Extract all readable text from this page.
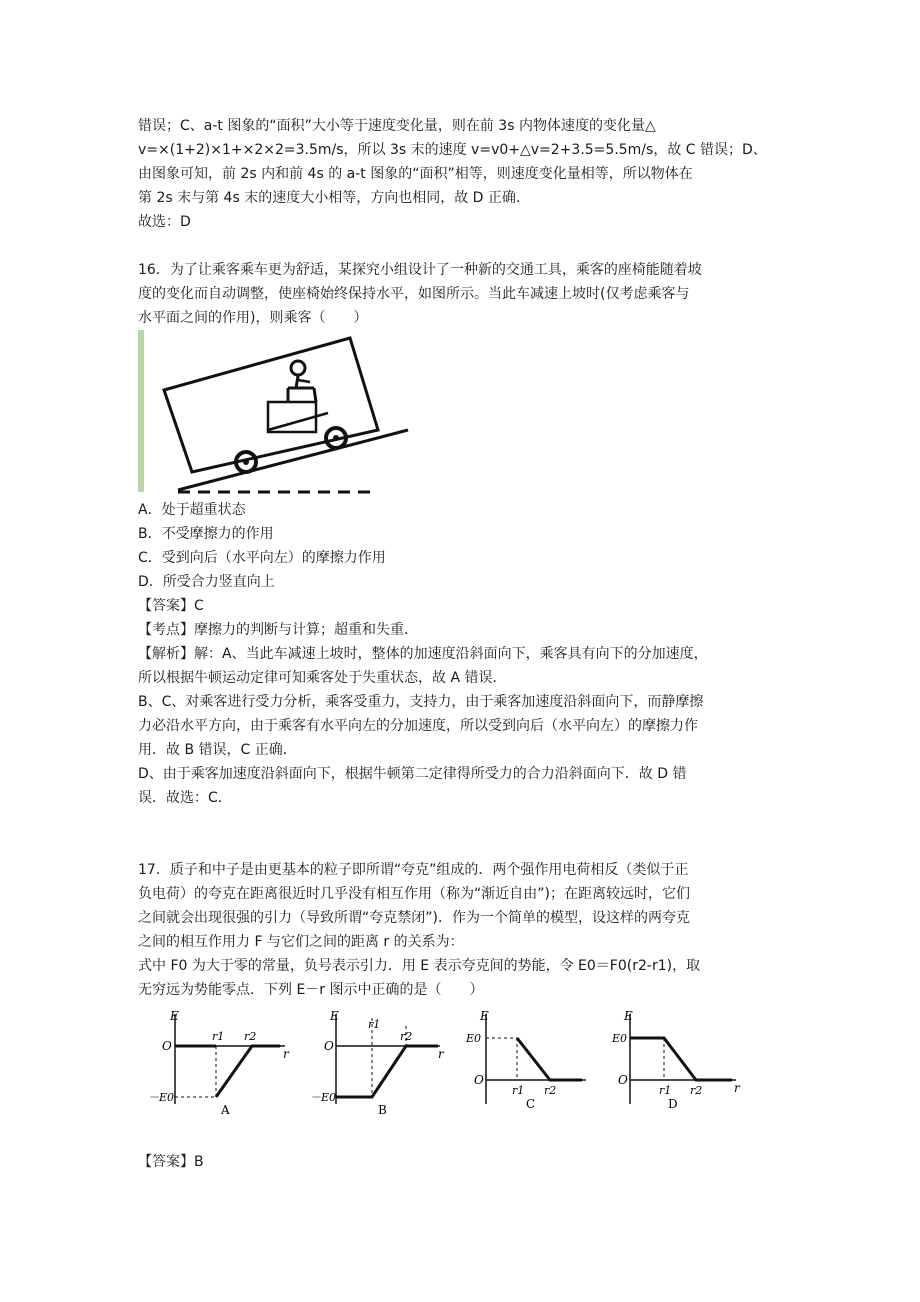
错误；C、a-t 图象的“面积”大小等于速度变化量，则在前 3s 内物体速度的变化量△

v=×(1+2)×1+×2×2=3.5m/s，所以 3s 末的速度 v=v0+△v=2+3.5=5.5m/s，故 C 错误；D、

由图象可知，前 2s 内和前 4s 的 a-t 图象的“面积”相等，则速度变化量相等，所以物体在

第 2s 末与第 4s 末的速度大小相等，方向也相同，故 D 正确.

故选：D

16．为了让乘客乘车更为舒适，某探究小组设计了一种新的交通工具，乘客的座椅能随着坡

度的变化而自动调整，使座椅始终保持水平，如图所示。当此车减速上坡时(仅考虑乘客与

水平面之间的作用)，则乘客（　　）

A．处于超重状态

B．不受摩擦力的作用

C．受到向后（水平向左）的摩擦力作用

D．所受合力竖直向上

【答案】C

【考点】摩擦力的判断与计算；超重和失重．

【解析】解：A、当此车减速上坡时，整体的加速度沿斜面向下，乘客具有向下的分加速度，

所以根据牛顿运动定律可知乘客处于失重状态，故 A 错误．

B、C、对乘客进行受力分析，乘客受重力，支持力，由于乘客加速度沿斜面向下，而静摩擦

力必沿水平方向，由于乘客有水平向左的分加速度，所以受到向后（水平向左）的摩擦力作

用．故 B 错误，C 正确．

D、由于乘客加速度沿斜面向下，根据牛顿第二定律得所受力的合力沿斜面向下．故 D 错

误．故选：C．

17．质子和中子是由更基本的粒子即所谓“夸克”组成的．两个强作用电荷相反（类似于正

负电荷）的夸克在距离很近时几乎没有相互作用（称为“渐近自由”)；在距离较远时，它们

之间就会出现很强的引力（导致所谓“夸克禁闭”)．作为一个简单的模型，设这样的两夸克

之间的相互作用力 F 与它们之间的距离 r 的关系为：

式中 F0 为大于零的常量，负号表示引力．用 E 表示夸克间的势能，令 E0＝F0(r2-r1)，取

无穷远为势能零点．下列 E－r 图示中正确的是（　　）

E
r
O
r1 r2
－E0
A
E
r
O
r1
r2
－E0
B
E
E0
O
r1 r2
C
E
r
E0
O
r1 r2
D

【答案】B
